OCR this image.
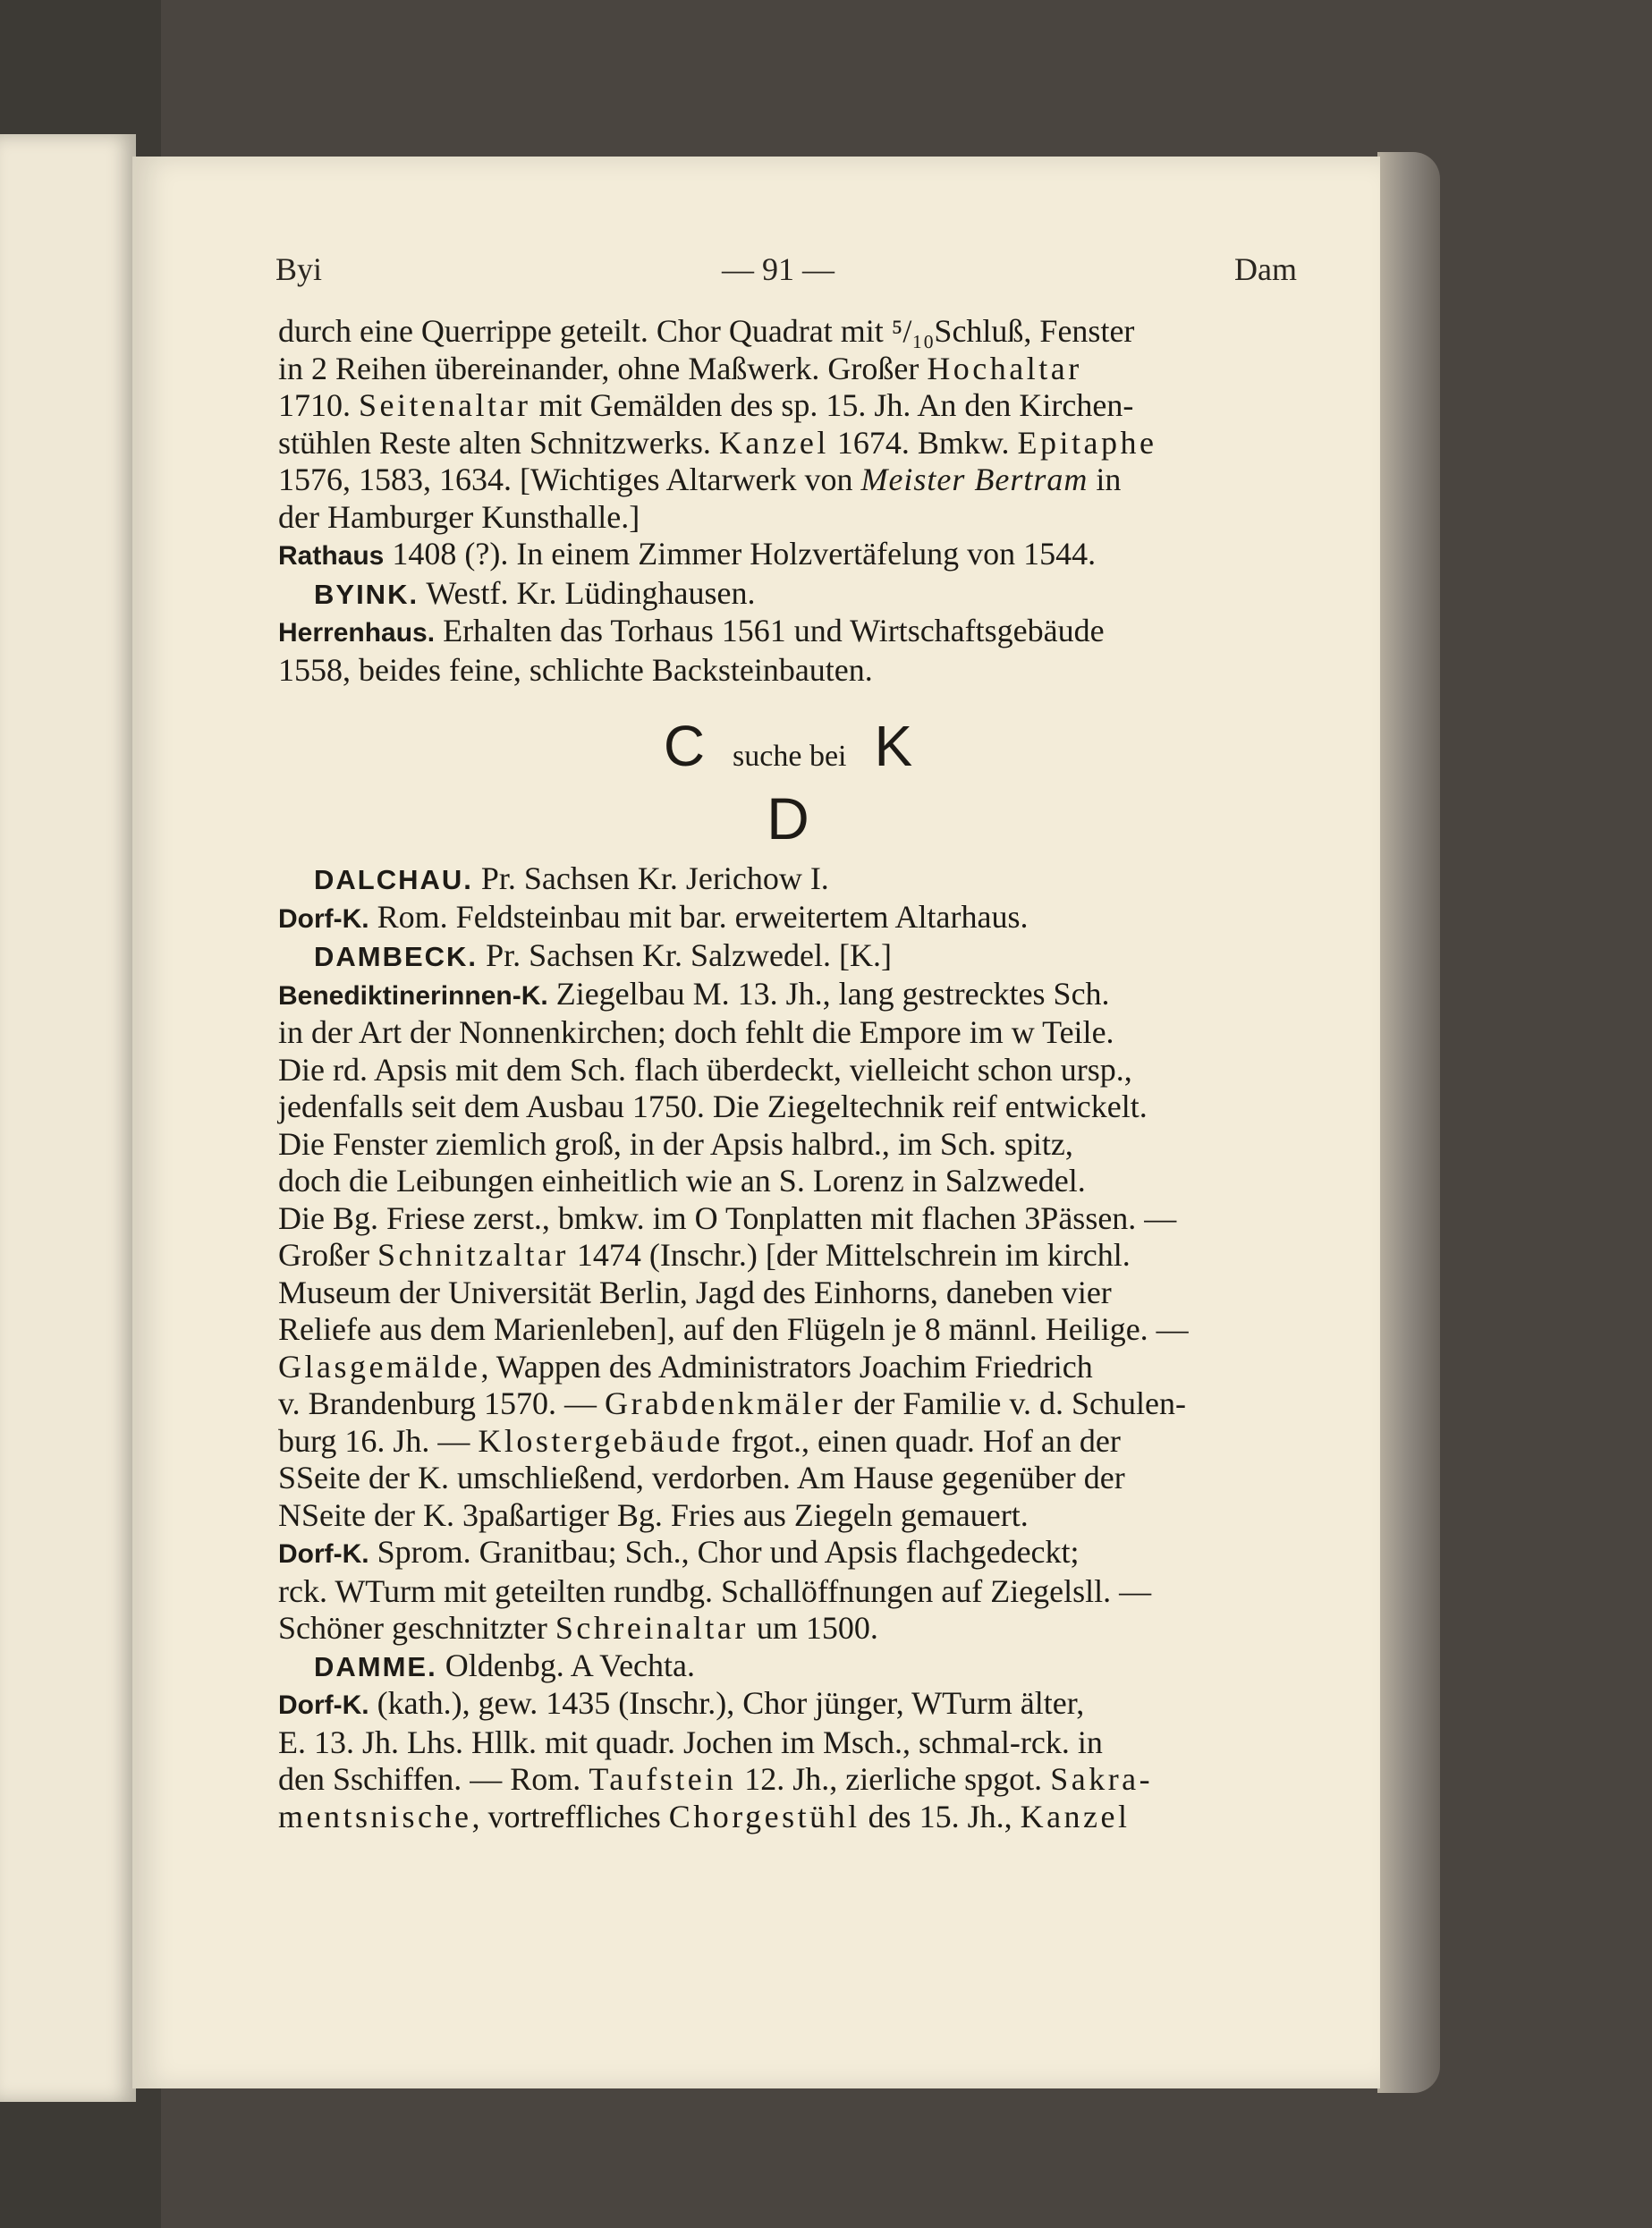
Byi	— 91 —	Dam

durch eine Querrippe geteilt. Chor Quadrat mit ⁵/₁₀Schluß, Fenster

in 2 Reihen übereinander, ohne Maßwerk. Großer Hochaltar

1710. Seitenaltar mit Gemälden des sp. 15. Jh. An den Kirchen-

stühlen Reste alten Schnitzwerks. Kanzel 1674. Bmkw. Epitaphe

1576, 1583, 1634. [Wichtiges Altarwerk von Meister Bertram in

der Hamburger Kunsthalle.]

Rathaus 1408 (?). In einem Zimmer Holzvertäfelung von 1544.

BYINK. Westf. Kr. Lüdinghausen.

Herrenhaus. Erhalten das Torhaus 1561 und Wirtschaftsgebäude

1558, beides feine, schlichte Backsteinbauten.

C suche bei K
D

DALCHAU. Pr. Sachsen Kr. Jerichow I.

Dorf-K. Rom. Feldsteinbau mit bar. erweitertem Altarhaus.

DAMBECK. Pr. Sachsen Kr. Salzwedel. [K.]

Benediktinerinnen-K. Ziegelbau M. 13. Jh., lang gestrecktes Sch.

in der Art der Nonnenkirchen; doch fehlt die Empore im w Teile.

Die rd. Apsis mit dem Sch. flach überdeckt, vielleicht schon ursp.,

jedenfalls seit dem Ausbau 1750. Die Ziegeltechnik reif entwickelt.

Die Fenster ziemlich groß, in der Apsis halbrd., im Sch. spitz,

doch die Leibungen einheitlich wie an S. Lorenz in Salzwedel.

Die Bg. Friese zerst., bmkw. im O Tonplatten mit flachen 3Pässen. —

Großer Schnitzaltar 1474 (Inschr.) [der Mittelschrein im kirchl.

Museum der Universität Berlin, Jagd des Einhorns, daneben vier

Reliefe aus dem Marienleben], auf den Flügeln je 8 männl. Heilige. —

Glasgemälde, Wappen des Administrators Joachim Friedrich

v. Brandenburg 1570. — Grabdenkmäler der Familie v. d. Schulen-

burg 16. Jh. — Klostergebäude frgot., einen quadr. Hof an der

SSeite der K. umschließend, verdorben. Am Hause gegenüber der

NSeite der K. 3paßartiger Bg. Fries aus Ziegeln gemauert.

Dorf-K. Sprom. Granitbau; Sch., Chor und Apsis flachgedeckt;

rck. WTurm mit geteilten rundbg. Schallöffnungen auf Ziegelsll. —

Schöner geschnitzter Schreinaltar um 1500.

DAMME. Oldenbg. A Vechta.

Dorf-K. (kath.), gew. 1435 (Inschr.), Chor jünger, WTurm älter,

E. 13. Jh. Lhs. Hllk. mit quadr. Jochen im Msch., schmal-rck. in

den Sschiffen. — Rom. Taufstein 12. Jh., zierliche spgot. Sakra-

mentsnische, vortreffliches Chorgestühl des 15. Jh., Kanzel
